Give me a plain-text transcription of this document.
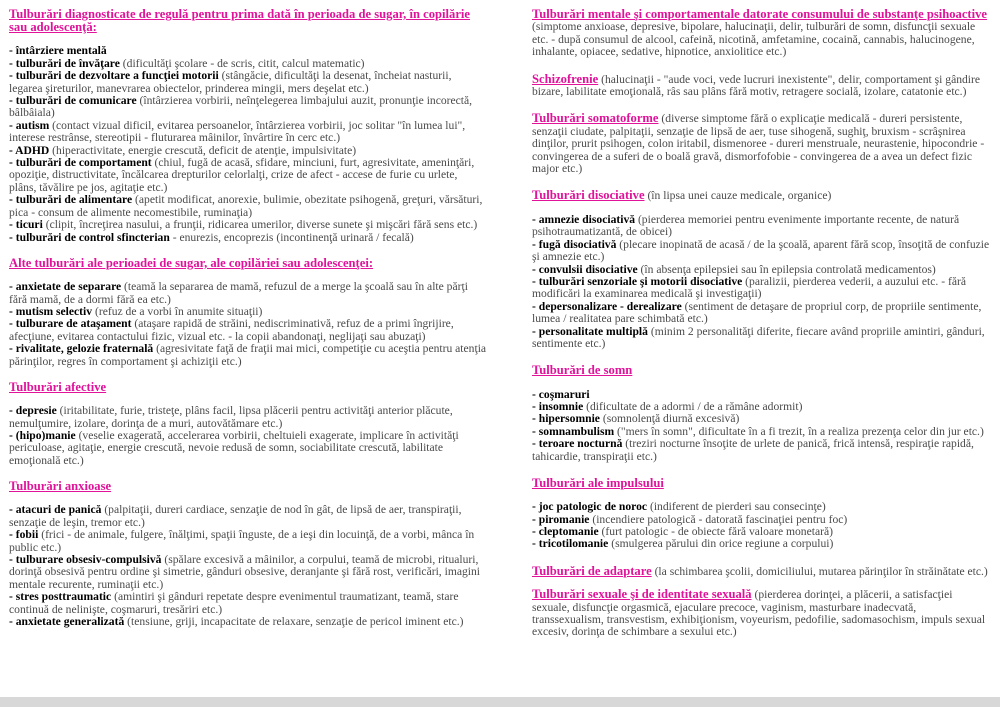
Tulburări diagnosticate de regulă pentru prima dată în perioada de sugar, în copilărie sau adolescenţă:
- întârziere mentală
- tulburări de învăţare (dificultăţi şcolare - de scris, citit, calcul matematic)
- tulburări de dezvoltare a funcţiei motorii (stângăcie, dificultăţi la desenat, încheiat nasturii, legarea şireturilor, manevrarea obiectelor, prinderea mingii, mers deşelat etc.)
- tulburări de comunicare (întârzierea vorbirii, neînţelegerea limbajului auzit, pronunţie incorectă, bâlbâiala)
- autism (contact vizual dificil, evitarea persoanelor, întârzierea vorbirii, joc solitar "în lumea lui", interese restrânse, stereotipii - fluturarea mâinilor, învârtire în cerc etc.)
- ADHD (hiperactivitate, energie crescută, deficit de atenţie, impulsivitate)
- tulburări de comportament (chiul, fugă de acasă, sfidare, minciuni, furt, agresivitate, ameninţări, opoziţie, distructivitate, încălcarea drepturilor celorlalţi, crize de afect - accese de furie cu urlete, plâns, tăvălire pe jos, agitaţie etc.)
- tulburări de alimentare (apetit modificat, anorexie, bulimie, obezitate psihogenă, greţuri, vărsături, pica - consum de alimente necomestibile, ruminaţia)
- ticuri (clipit, încreţirea nasului, a frunţii, ridicarea umerilor, diverse sunete şi mişcări fără sens etc.)
- tulburări de control sfincterian - enurezis, encoprezis (incontinenţă urinară / fecală)
Alte tulburări ale perioadei de sugar, ale copilăriei sau adolescenţei:
- anxietate de separare (teamă la separarea de mamă, refuzul de a merge la şcoală sau în alte părţi fără mamă, de a dormi fără ea etc.)
- mutism selectiv (refuz de a vorbi în anumite situaţii)
- tulburare de ataşament (ataşare rapidă de străini, nediscriminativă, refuz de a primi îngrijire, afecţiune, evitarea contactului fizic, vizual etc. - la copii abandonaţi, neglijaţi sau abuzaţi)
- rivalitate, gelozie fraternală (agresivitate faţă de fraţii mai mici, competiţie cu aceştia pentru atenţia părinţilor, regres în comportament şi achiziţii etc.)
Tulburări afective
- depresie (iritabilitate, furie, tristeţe, plâns facil, lipsa plăcerii pentru activităţi anterior plăcute, nemulţumire, izolare, dorinţa de a muri, autovătămare etc.)
- (hipo)manie (veselie exagerată, accelerarea vorbirii, cheltuieli exagerate, implicare în activităţi periculoase, agitaţie, energie crescută, nevoie redusă de somn, sociabilitate crescută, labilitate emoţională etc.)
Tulburări anxioase
- atacuri de panică (palpitaţii, dureri cardiace, senzaţie de nod în gât, de lipsă de aer, transpiraţii, senzaţie de leşin, tremor etc.)
- fobii (frici - de animale, fulgere, înălţimi, spaţii înguste, de a ieşi din locuinţă, de a vorbi, mânca în public etc.)
- tulburare obsesiv-compulsivă (spălare excesivă a mâinilor, a corpului, teamă de microbi, ritualuri, dorinţă obsesivă pentru ordine şi simetrie, gânduri obsesive, deranjante şi fără rost, verificări, imagini mentale recurente, ruminaţii etc.)
- stres posttraumatic (amintiri şi gânduri repetate despre evenimentul traumatizant, teamă, stare continuă de nelinişte, coşmaruri, tresăriri etc.)
- anxietate generalizată (tensiune, griji, incapacitate de relaxare, senzaţie de pericol iminent etc.)
Tulburări mentale şi comportamentale datorate consumului de substanţe psihoactive (simptome anxioase, depresive, bipolare, halucinaţii, delir, tulburări de somn, disfuncţii sexuale etc. - după consumul de alcool, cafeină, nicotină, amfetamine, cocaină, cannabis, halucinogene, inhalante, opiacee, sedative, hipnotice, anxiolitice etc.)
Schizofrenie (halucinaţii - "aude voci, vede lucruri inexistente", delir, comportament şi gândire bizare, labilitate emoţională, râs sau plâns fără motiv, retragere socială, izolare, catatonie etc.)
Tulburări somatoforme (diverse simptome fără o explicaţie medicală - dureri persistente, senzaţii ciudate, palpitaţii, senzaţie de lipsă de aer, tuse sihogenă, sughiţ, bruxism - scrâşnirea dinţilor, prurit psihogen, colon iritabil, dismenoree - dureri menstruale, neurastenie, hipocondrie - convingerea de a suferi de o boală gravă, dismorfofobie - convingerea de a avea un defect fizic major etc.)
Tulburări disociative (în lipsa unei cauze medicale, organice)
- amnezie disociativă (pierderea memoriei pentru evenimente importante recente, de natură psihotraumatizantă, de obicei)
- fugă disociativă (plecare inopinată de acasă / de la şcoală, aparent fără scop, însoţită de confuzie şi amnezie etc.)
- convulsii disociative (în absenţa epilepsiei sau în epilepsia controlată medicamentos)
- tulburări senzoriale şi motorii disociative (paralizii, pierderea vederii, a auzului etc. - fără modificări la examinarea medicală şi investigaţii)
- depersonalizare - derealizare (sentiment de detaşare de propriul corp, de propriile sentimente, lumea / realitatea pare schimbată etc.)
- personalitate multiplă (minim 2 personalităţi diferite, fiecare având propriile amintiri, gânduri, sentimente etc.)
Tulburări de somn
- coşmaruri
- insomnie (dificultate de a adormi / de a rămâne adormit)
- hipersomnie (somnolenţă diurnă excesivă)
- somnambulism ("mers în somn", dificultate în a fi trezit, în a realiza prezenţa celor din jur etc.)
- teroare nocturnă (treziri nocturne însoţite de urlete de panică, frică intensă, respiraţie rapidă, tahicardie, transpiraţii etc.)
Tulburări ale impulsului
- joc patologic de noroc (indiferent de pierderi sau consecinţe)
- piromanie (incendiere patologică - datorată fascinaţiei pentru foc)
- cleptomanie (furt patologic - de obiecte fără valoare monetară)
- tricotilomanie (smulgerea părului din orice regiune a corpului)
Tulburări de adaptare (la schimbarea şcolii, domiciliului, mutarea părinţilor în străinătate etc.)
Tulburări sexuale şi de identitate sexuală (pierderea dorinţei, a plăcerii, a satisfacţiei sexuale, disfuncţie orgasmică, ejaculare precoce, vaginism, masturbare inadecvată, transsexualism, transvestism, exhibiţionism, voyeurism, pedofilie, sadomasochism, impuls sexual excesiv, dorinţa de schimbare a sexului etc.)
